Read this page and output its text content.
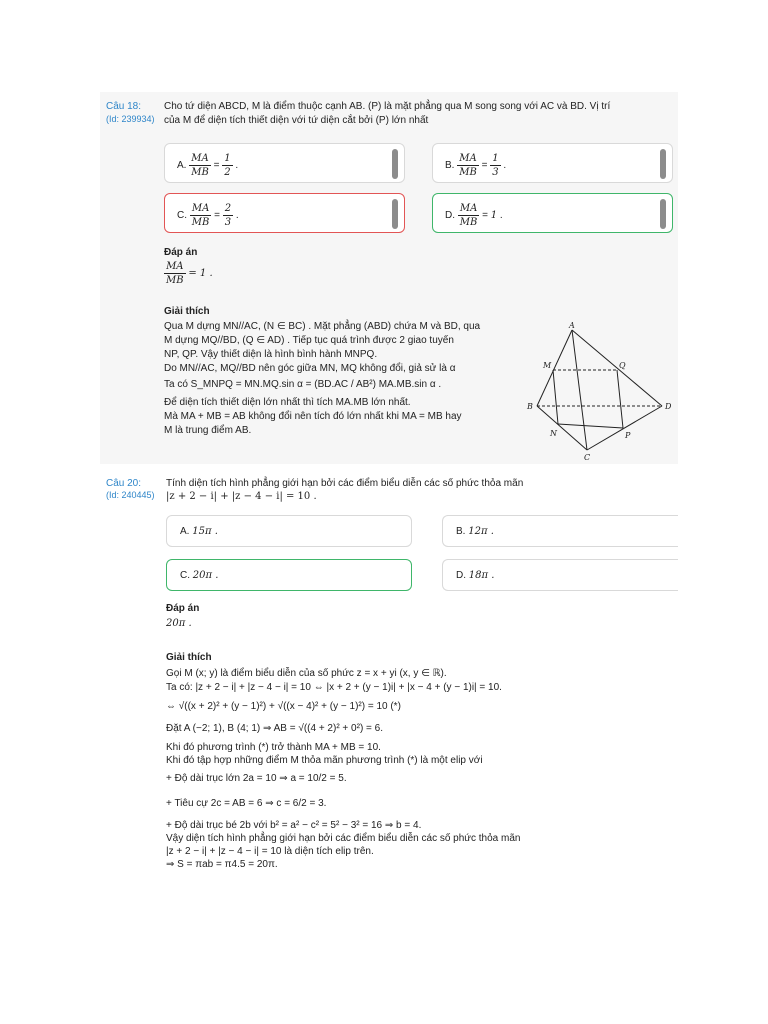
Câu 18:
(Id: 239934)
Cho tứ diện ABCD, M là điểm thuộc cạnh AB. (P) là mặt phẳng qua M song song với AC và BD. Vị trí
của M để diện tích thiết diện với tứ diện cắt bởi (P) lớn nhất
A. $\frac{MA}{MB} = \frac{1}{2}$ .	B. $\frac{MA}{MB} = \frac{1}{3}$ .
C. $\frac{MA}{MB} = \frac{2}{3}$ .	D. $\frac{MA}{MB} = 1$ .
Đáp án
$\frac{MA}{MB} = 1$ .
Giải thích
Qua M dựng MN//AC, (N ∈ BC) . Mặt phẳng (ABD) chứa M và BD, qua
M dựng MQ//BD, (Q ∈ AD) . Tiếp tục quá trình được 2 giao tuyến
NP, QP. Vậy thiết diện là hình bình hành MNPQ.
Do MN//AC, MQ//BD nên góc giữa MN, MQ không đổi, giả sử là α
Ta có S_MNPQ = MN.MQ.sin α = (BD.AC / AB²) MA.MB.sin α .
Để diện tích thiết diện lớn nhất thì tích MA.MB lớn nhất.
Mà MA + MB = AB không đổi nên tích đó lớn nhất khi MA = MB hay
M là trung điểm AB.
A
B
C
D
M
N	P
Q
Câu 20:
(Id: 240445)
Tính diện tích hình phẳng giới hạn bởi các điểm biểu diễn các số phức thỏa mãn
|z + 2 − i| + |z − 4 − i| = 10 .
A. 15π .	B. 12π .
C. 20π .	D. 18π .
Đáp án
20π .
Giải thích
Gọi M (x; y) là điểm biểu diễn của số phức z = x + yi (x, y ∈ ℝ).
Ta có: |z + 2 − i| + |z − 4 − i| = 10 ⇔ |x + 2 + (y − 1)i| + |x − 4 + (y − 1)i| = 10.
⇔ √((x + 2)² + (y − 1)²) + √((x − 4)² + (y − 1)²) = 10 (*)
Đặt A (−2; 1), B (4; 1) ⇒ AB = √((4 + 2)² + 0²) = 6.
Khi đó phương trình (*) trở thành MA + MB = 10.
Khi đó tập hợp những điểm M thỏa mãn phương trình (*) là một elip với
+ Độ dài trục lớn 2a = 10 ⇒ a = 10/2 = 5.
+ Tiêu cự 2c = AB = 6 ⇒ c = 6/2 = 3.
+ Độ dài trục bé 2b với b² = a² − c² = 5² − 3² = 16 ⇒ b = 4.
Vậy diện tích hình phẳng giới hạn bởi các điểm biểu diễn các số phức thỏa mãn
|z + 2 − i| + |z − 4 − i| = 10 là diện tích elip trên.
⇒ S = πab = π4.5 = 20π.
